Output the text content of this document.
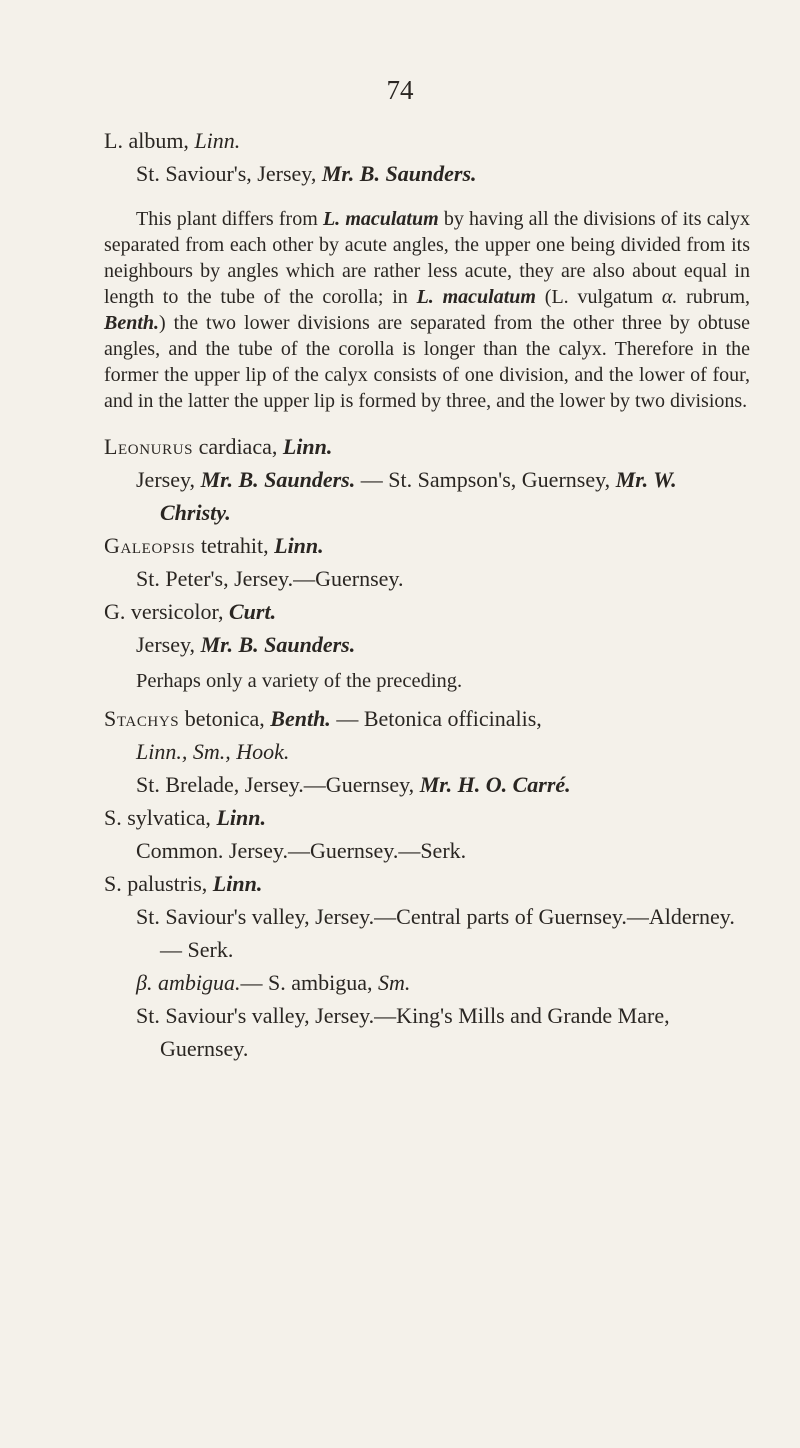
74

L. album, Linn.

St. Saviour's, Jersey, Mr. B. Saunders.

This plant differs from L. maculatum by having all the divisions of its calyx separated from each other by acute angles, the upper one being divided from its neighbours by angles which are rather less acute, they are also about equal in length to the tube of the corolla; in L. maculatum (L. vulgatum α. rubrum, Benth.) the two lower divisions are separated from the other three by obtuse angles, and the tube of the corolla is longer than the calyx. Therefore in the former the upper lip of the calyx consists of one division, and the lower of four, and in the latter the upper lip is formed by three, and the lower by two divisions.

Leonurus cardiaca, Linn.

Jersey, Mr. B. Saunders. — St. Sampson's, Guernsey, Mr. W. Christy.

Galeopsis tetrahit, Linn.

St. Peter's, Jersey.—Guernsey.

G. versicolor, Curt.

Jersey, Mr. B. Saunders.

Perhaps only a variety of the preceding.

Stachys betonica, Benth. — Betonica officinalis,

Linn., Sm., Hook.

St. Brelade, Jersey.—Guernsey, Mr. H. O. Carré.

S. sylvatica, Linn.

Common. Jersey.—Guernsey.—Serk.

S. palustris, Linn.

St. Saviour's valley, Jersey.—Central parts of Guernsey.—Alderney.— Serk.

β. ambigua.— S. ambigua, Sm.

St. Saviour's valley, Jersey.—King's Mills and Grande Mare, Guernsey.
